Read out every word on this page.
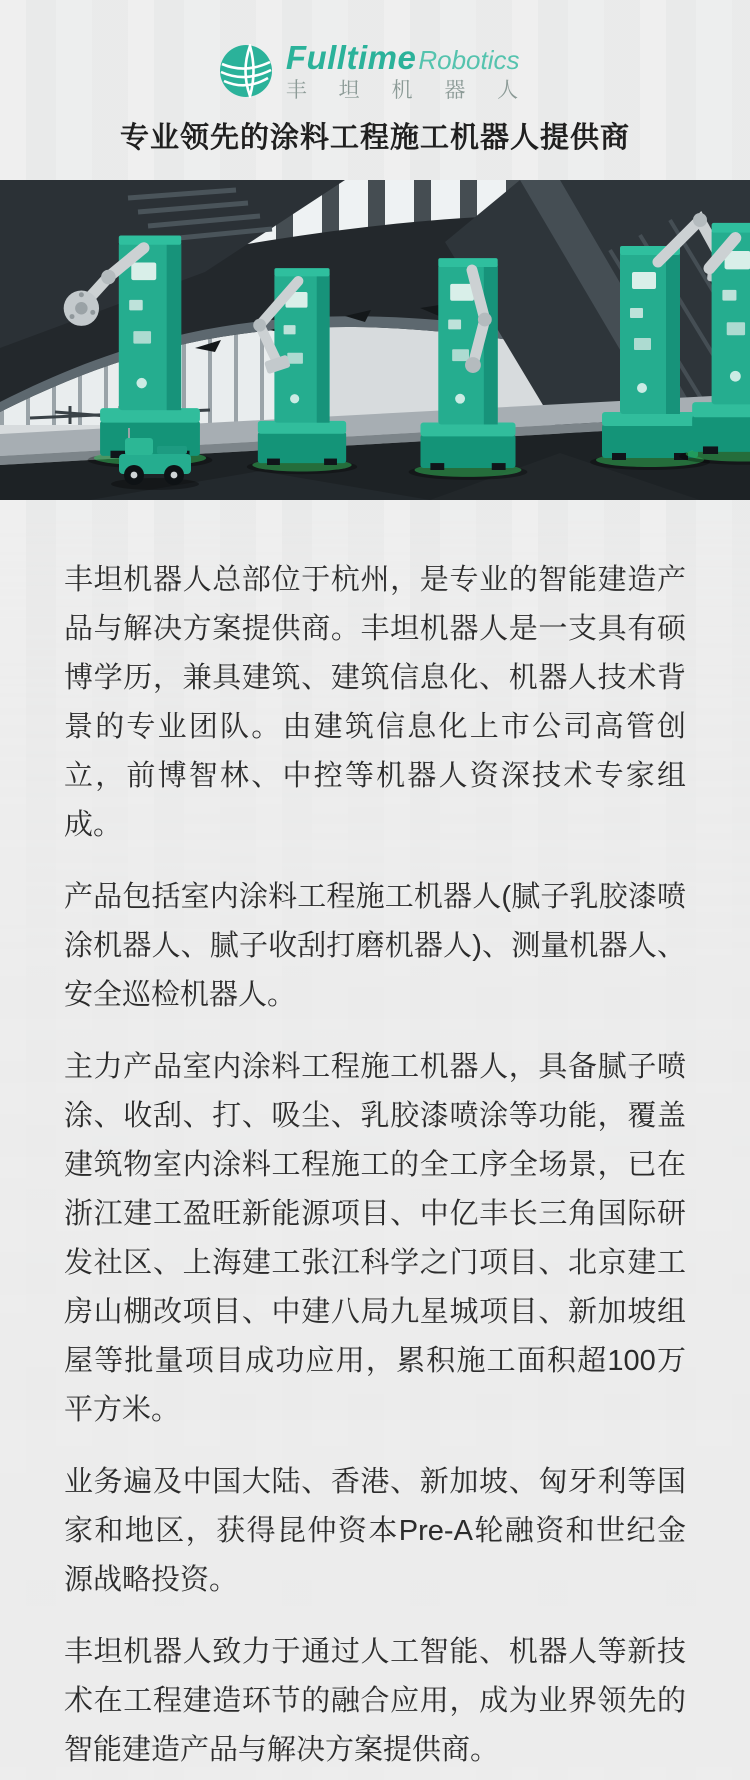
FulltimeRobotics
丰 坦 机 器 人
专业领先的涂料工程施工机器人提供商

丰坦机器人总部位于杭州，是专业的智能建造产品与解决方案提供商。丰坦机器人是一支具有硕博学历，兼具建筑、建筑信息化、机器人技术背景的专业团队。由建筑信息化上市公司高管创立，前博智林、中控等机器人资深技术专家组成。

产品包括室内涂料工程施工机器人(腻子乳胶漆喷涂机器人、腻子收刮打磨机器人)、测量机器人、安全巡检机器人。

主力产品室内涂料工程施工机器人，具备腻子喷涂、收刮、打、吸尘、乳胶漆喷涂等功能，覆盖建筑物室内涂料工程施工的全工序全场景，已在浙江建工盈旺新能源项目、中亿丰长三角国际研发社区、上海建工张江科学之门项目、北京建工房山棚改项目、中建八局九星城项目、新加坡组屋等批量项目成功应用，累积施工面积超100万平方米。

业务遍及中国大陆、香港、新加坡、匈牙利等国家和地区，获得昆仲资本Pre-A轮融资和世纪金源战略投资。

丰坦机器人致力于通过人工智能、机器人等新技术在工程建造环节的融合应用，成为业界领先的智能建造产品与解决方案提供商。
